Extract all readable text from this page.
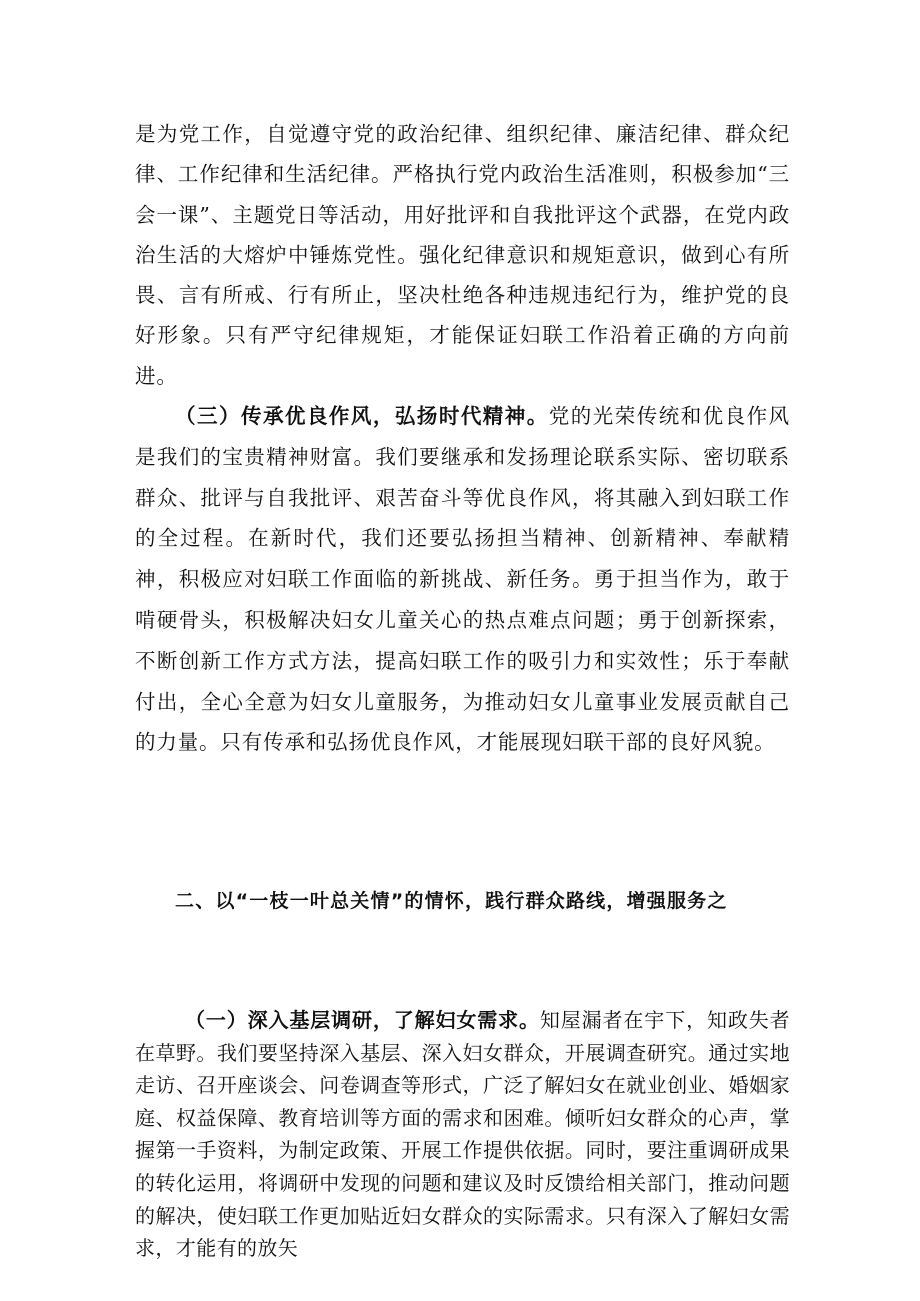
是为党工作，自觉遵守党的政治纪律、组织纪律、廉洁纪律、群众纪律、工作纪律和生活纪律。严格执行党内政治生活准则，积极参加“三会一课”、主题党日等活动，用好批评和自我批评这个武器，在党内政治生活的大熔炉中锤炼党性。强化纪律意识和规矩意识，做到心有所畏、言有所戒、行有所止，坚决杜绝各种违规违纪行为，维护党的良好形象。只有严守纪律规矩，才能保证妇联工作沿着正确的方向前进。

（三）传承优良作风，弘扬时代精神。党的光荣传统和优良作风是我们的宝贵精神财富。我们要继承和发扬理论联系实际、密切联系群众、批评与自我批评、艰苦奋斗等优良作风，将其融入到妇联工作的全过程。在新时代，我们还要弘扬担当精神、创新精神、奉献精神，积极应对妇联工作面临的新挑战、新任务。勇于担当作为，敢于啃硬骨头，积极解决妇女儿童关心的热点难点问题；勇于创新探索，不断创新工作方式方法，提高妇联工作的吸引力和实效性；乐于奉献付出，全心全意为妇女儿童服务，为推动妇女儿童事业发展贡献自己的力量。只有传承和弘扬优良作风，才能展现妇联干部的良好风貌。

二、以“一枝一叶总关情”的情怀，践行群众路线，增强服务之

（一）深入基层调研，了解妇女需求。知屋漏者在宇下，知政失者在草野。我们要坚持深入基层、深入妇女群众，开展调查研究。通过实地走访、召开座谈会、问卷调查等形式，广泛了解妇女在就业创业、婚姻家庭、权益保障、教育培训等方面的需求和困难。倾听妇女群众的心声，掌握第一手资料，为制定政策、开展工作提供依据。同时，要注重调研成果的转化运用，将调研中发现的问题和建议及时反馈给相关部门，推动问题的解决，使妇联工作更加贴近妇女群众的实际需求。只有深入了解妇女需求，才能有的放矢
